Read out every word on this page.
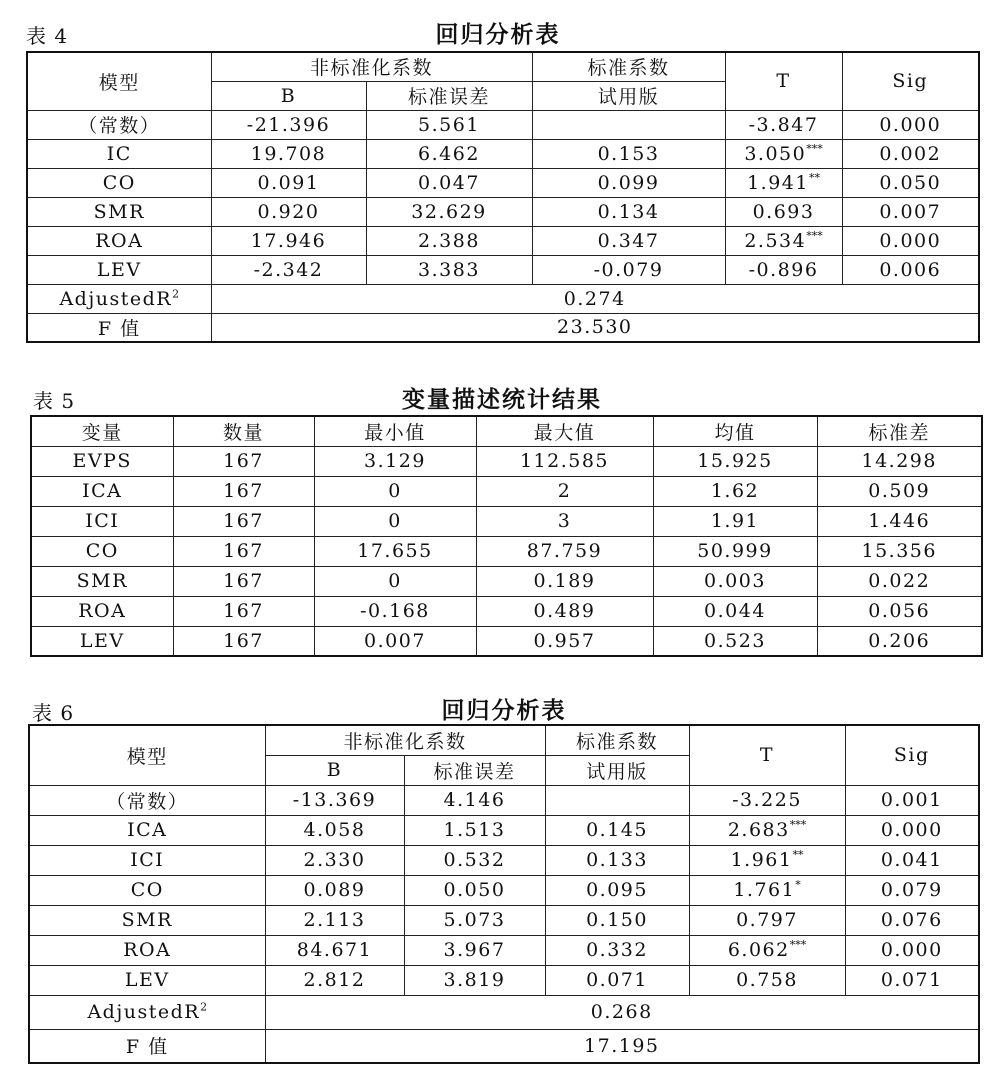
表 4	回归分析表
模型	非标准化系数		标准系数	T	Sig
	B	标准误差	试用版		
（常数）	-21.396	5.561		-3.847	0.000
IC	19.708	6.462	0.153	3.050***	0.002
CO	0.091	0.047	0.099	1.941**	0.050
SMR	0.920	32.629	0.134	0.693	0.007
ROA	17.946	2.388	0.347	2.534***	0.000
LEV	-2.342	3.383	-0.079	-0.896	0.006
AdjustedR$^2$	0.274				
F 值	23.530				
表 5	变量描述统计结果
变量	数量	最小值	最大值	均值	标准差
EVPS	167	3.129	112.585	15.925	14.298
ICA	167	0	2	1.62	0.509
ICI	167	0	3	1.91	1.446
CO	167	17.655	87.759	50.999	15.356
SMR	167	0	0.189	0.003	0.022
ROA	167	-0.168	0.489	0.044	0.056
LEV	167	0.007	0.957	0.523	0.206
表 6	回归分析表
模型	非标准化系数		标准系数	T	Sig
	B	标准误差	试用版		
（常数）	-13.369	4.146		-3.225	0.001
ICA	4.058	1.513	0.145	2.683***	0.000
ICI	2.330	0.532	0.133	1.961**	0.041
CO	0.089	0.050	0.095	1.761*	0.079
SMR	2.113	5.073	0.150	0.797	0.076
ROA	84.671	3.967	0.332	6.062***	0.000
LEV	2.812	3.819	0.071	0.758	0.071
AdjustedR$^2$	0.268				
F 值	17.195				
